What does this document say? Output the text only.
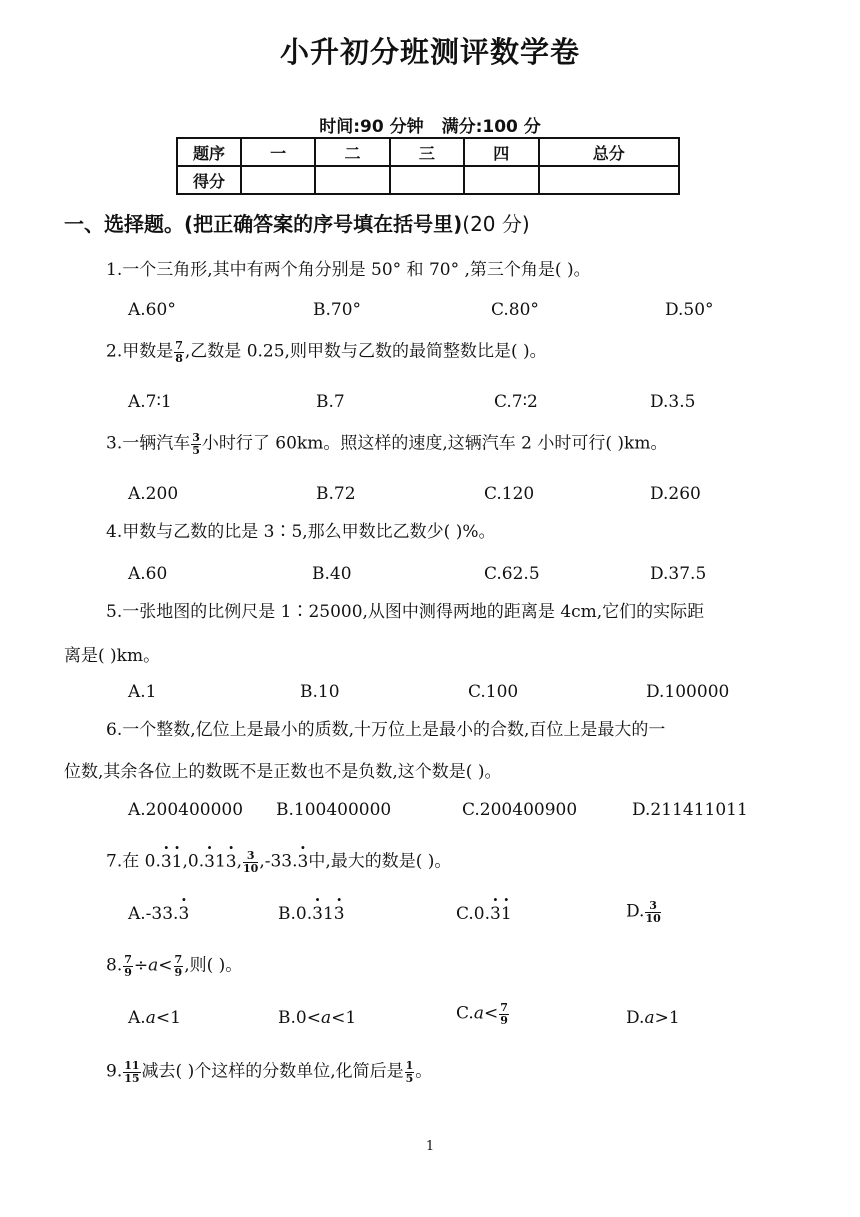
小升初分班测评数学卷
时间:90 分钟 满分:100 分
题序	一	二	三	四	总分
得分					
一、选择题。(把正确答案的序号填在括号里)(20 分)
1.一个三角形,其中有两个角分别是 50° 和 70° ,第三个角是( )。
A.60°	B.70°	C.80°	D.50°
2.甲数是 $\frac{7}{8}$ ,乙数是 0.25,则甲数与乙数的最简整数比是( )。
A.7∶1	B.7	C.7∶2	D.3.5
3.一辆汽车 $\frac{3}{5}$ 小时行了 60km。照这样的速度,这辆汽车 2 小时可行( )km。
A.200	B.72	C.120	D.260
4.甲数与乙数的比是 3∶5,那么甲数比乙数少( )%。
A.60	B.40	C.62.5	D.37.5
5.一张地图的比例尺是 1∶25000,从图中测得两地的距离是 4cm,它们的实际距
离是( )km。
A.1	B.10	C.100	D.100000
6.一个整数,亿位上是最小的质数,十万位上是最小的合数,百位上是最大的一
位数,其余各位上的数既不是正数也不是负数,这个数是( )。
A.200400000 B.100400000	C.200400900	D.211411011
7.在 0.· 3· 1,0.· 31· 3, $\frac{3}{10} ,-33.\cdot 3$中,最大的数是( )。
A.-33.· 3	B.0.· 31· 3	C.0.· 3· 1	D. $\frac{3}{10}$
8. $\frac{7}{9} \div a< \frac{7}{9}$ ,则( )。
A.a<1	B.0<a<1	$C.a< \frac{7}{9}$	D.a>1
9. $\frac{11}{15}$ 减去( )个这样的分数单位,化简后是 $\frac{1}{5}$ 。
1
